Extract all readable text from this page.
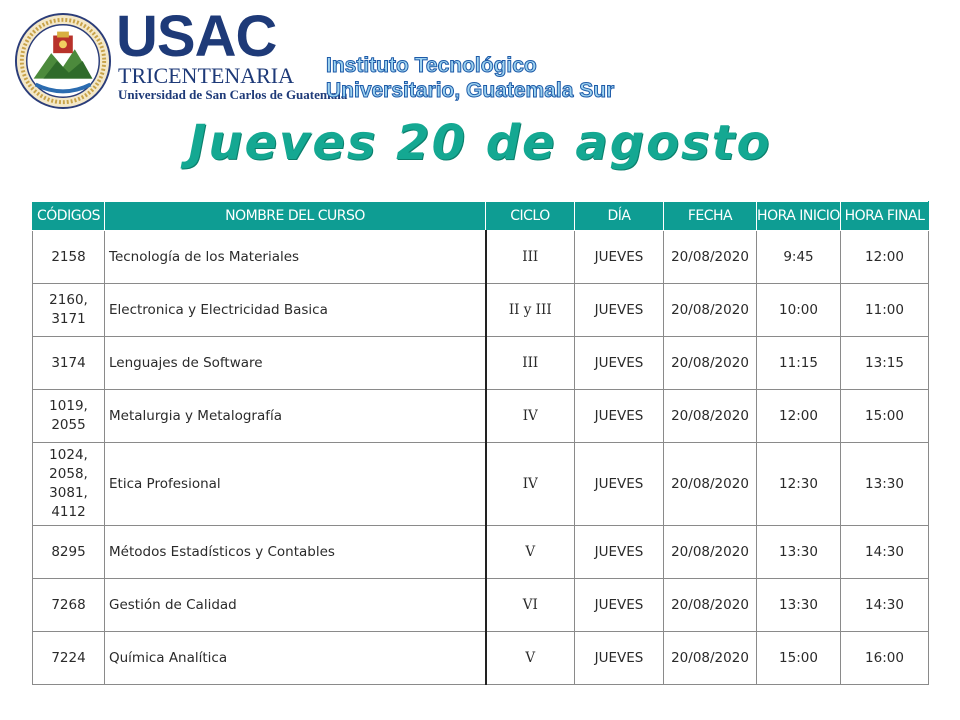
USAC
TRICENTENARIA
Universidad de San Carlos de Guatemala
Instituto Tecnológico
Universitario, Guatemala Sur
Jueves 20 de agosto
CÓDIGOS	NOMBRE DEL CURSO	CICLO	DÍA	FECHA	HORA INICIO	HORA FINAL

2158	Tecnología de los Materiales	III	JUEVES	20/08/2020	9:45	12:00

2160,
3171	Electronica y Electricidad Basica	II y III	JUEVES	20/08/2020	10:00	11:00

3174	Lenguajes de Software	III	JUEVES	20/08/2020	11:15	13:15

1019,
2055	Metalurgia y Metalografía	IV	JUEVES	20/08/2020	12:00	15:00

1024,
2058,
3081,
4112	Etica Profesional	IV	JUEVES	20/08/2020	12:30	13:30

8295	Métodos Estadísticos y Contables	V	JUEVES	20/08/2020	13:30	14:30

7268	Gestión de Calidad	VI	JUEVES	20/08/2020	13:30	14:30

7224	Química Analítica	V	JUEVES	20/08/2020	15:00	16:00
